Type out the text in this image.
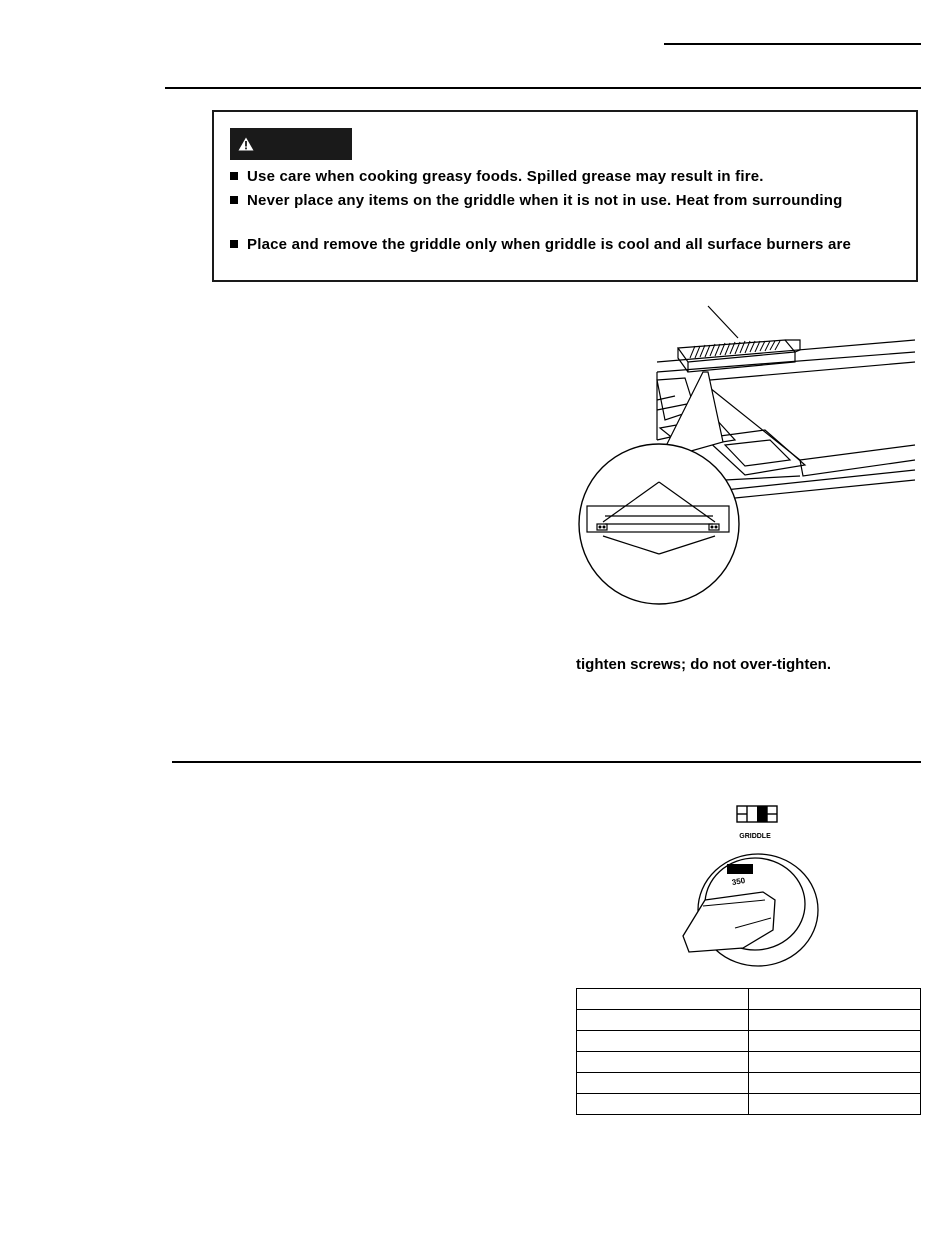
Use care when cooking greasy foods. Spilled grease may result in fire.
Never place any items on the griddle when it is not in use. Heat from surrounding
Place and remove the griddle only when griddle is cool and all surface burners are
tighten screws; do not over-tighten.
GRIDDLE
350
